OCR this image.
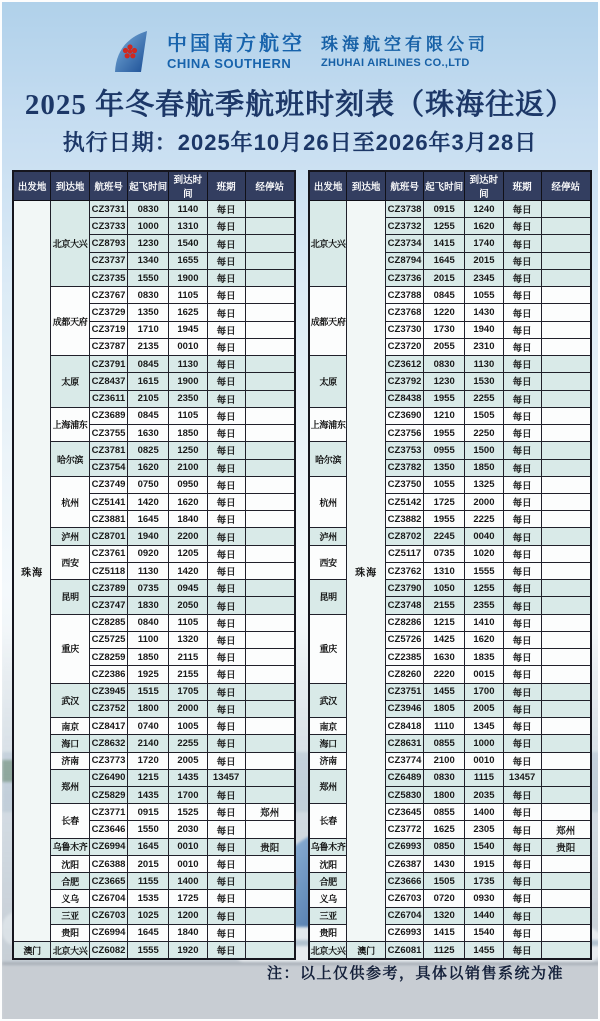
中国南方航空
CHINA SOUTHERN
珠海航空有限公司
ZHUHAI AIRLINES CO.,LTD
2025 年冬春航季航班时刻表（珠海往返）
执行日期：2025年10月26日至2026年3月28日
出发地	到达地	航班号	起飞时间	到达时间	班期	经停站
珠海	北京大兴	CZ3731	0830	1140	每日	
		CZ3733	1000	1310	每日	
		CZ8793	1230	1540	每日	
		CZ3737	1340	1655	每日	
		CZ3735	1550	1900	每日	
	成都天府	CZ3767	0830	1105	每日	
		CZ3729	1350	1625	每日	
		CZ3719	1710	1945	每日	
		CZ3787	2135	0010	每日	
	太原	CZ3791	0845	1130	每日	
		CZ8437	1615	1900	每日	
		CZ3611	2105	2350	每日	
	上海浦东	CZ3689	0845	1105	每日	
		CZ3755	1630	1850	每日	
	哈尔滨	CZ3781	0825	1250	每日	
		CZ3754	1620	2100	每日	
	杭州	CZ3749	0750	0950	每日	
		CZ5141	1420	1620	每日	
		CZ3881	1645	1840	每日	
	泸州	CZ8701	1940	2200	每日	
	西安	CZ3761	0920	1205	每日	
		CZ5118	1130	1420	每日	
	昆明	CZ3789	0735	0945	每日	
		CZ3747	1830	2050	每日	
	重庆	CZ8285	0840	1105	每日	
		CZ5725	1100	1320	每日	
		CZ8259	1850	2115	每日	
		CZ2386	1925	2155	每日	
	武汉	CZ3945	1515	1705	每日	
		CZ3752	1800	2000	每日	
	南京	CZ8417	0740	1005	每日	
	海口	CZ8632	2140	2255	每日	
	济南	CZ3773	1720	2005	每日	
	郑州	CZ6490	1215	1435	13457	
		CZ5829	1435	1700	每日	
	长春	CZ3771	0915	1525	每日	郑州
		CZ3646	1550	2030	每日	
	乌鲁木齐	CZ6994	1645	0010	每日	贵阳
	沈阳	CZ6388	2015	0010	每日	
	合肥	CZ3665	1155	1400	每日	
	义乌	CZ6704	1535	1725	每日	
	三亚	CZ6703	1025	1200	每日	
	贵阳	CZ6994	1645	1840	每日	
澳门	北京大兴	CZ6082	1555	1920	每日	
出发地	到达地	航班号	起飞时间	到达时间	班期	经停站
北京大兴	珠海	CZ3738	0915	1240	每日	
		CZ3732	1255	1620	每日	
		CZ3734	1415	1740	每日	
		CZ8794	1645	2015	每日	
		CZ3736	2015	2345	每日	
成都天府		CZ3788	0845	1055	每日	
		CZ3768	1220	1430	每日	
		CZ3730	1730	1940	每日	
		CZ3720	2055	2310	每日	
太原		CZ3612	0830	1130	每日	
		CZ3792	1230	1530	每日	
		CZ8438	1955	2255	每日	
上海浦东		CZ3690	1210	1505	每日	
		CZ3756	1955	2250	每日	
哈尔滨		CZ3753	0955	1500	每日	
		CZ3782	1350	1850	每日	
杭州		CZ3750	1055	1325	每日	
		CZ5142	1725	2000	每日	
		CZ3882	1955	2225	每日	
泸州		CZ8702	2245	0040	每日	
西安		CZ5117	0735	1020	每日	
		CZ3762	1310	1555	每日	
昆明		CZ3790	1050	1255	每日	
		CZ3748	2155	2355	每日	
重庆		CZ8286	1215	1410	每日	
		CZ5726	1425	1620	每日	
		CZ2385	1630	1835	每日	
		CZ8260	2220	0015	每日	
武汉		CZ3751	1455	1700	每日	
		CZ3946	1805	2005	每日	
南京		CZ8418	1110	1345	每日	
海口		CZ8631	0855	1000	每日	
济南		CZ3774	2100	0010	每日	
郑州		CZ6489	0830	1115	13457	
		CZ5830	1800	2035	每日	
长春		CZ3645	0855	1400	每日	
		CZ3772	1625	2305	每日	郑州
乌鲁木齐		CZ6993	0850	1540	每日	贵阳
沈阳		CZ6387	1430	1915	每日	
合肥		CZ3666	1505	1735	每日	
义乌		CZ6703	0720	0930	每日	
三亚		CZ6704	1320	1440	每日	
贵阳		CZ6993	1415	1540	每日	
北京大兴	澳门	CZ6081	1125	1455	每日	
注：以上仅供参考，具体以销售系统为准
